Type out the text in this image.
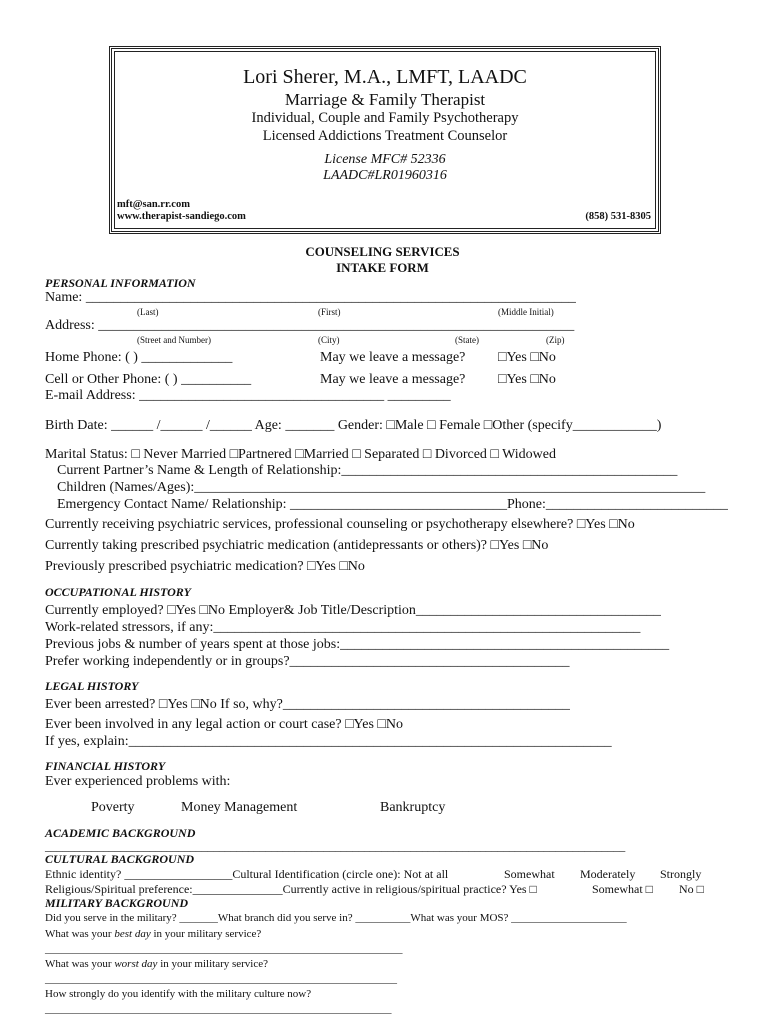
Lori Sherer, M.A., LMFT, LAADC
Marriage & Family Therapist
Individual, Couple and Family Psychotherapy
Licensed Addictions Treatment Counselor
License MFC# 52336
LAADC#LR01960316
mft@san.rr.com
www.therapist-sandiego.com	(858) 531-8305
COUNSELING SERVICES
INTAKE FORM
PERSONAL INFORMATION
Name: ______________________________________________________________________
(Last)	(First)	(Middle Initial)
Address: ____________________________________________________________________
(Street and Number)	(City)	(State)	(Zip)
Home Phone: ( ) _____________	May we leave a message? □Yes □No
Cell or Other Phone: ( ) __________	May we leave a message? □Yes □No
E-mail Address: ___________________________________ _________
Birth Date: ______ /______ /______ Age: _______ Gender: □Male □ Female □Other (specify____________)
Marital Status: □ Never Married □Partnered □Married □ Separated □ Divorced □ Widowed
Current Partner’s Name & Length of Relationship:________________________________________________
Children (Names/Ages):_________________________________________________________________________
Emergency Contact Name/ Relationship: _______________________________Phone:__________________________
Currently receiving psychiatric services, professional counseling or psychotherapy elsewhere? □Yes □No
Currently taking prescribed psychiatric medication (antidepressants or others)? □Yes □No
Previously prescribed psychiatric medication? □Yes □No
OCCUPATIONAL HISTORY
Currently employed? □Yes □No Employer& Job Title/Description___________________________________
Work-related stressors, if any:_____________________________________________________________
Previous jobs & number of years spent at those jobs:_______________________________________________
Prefer working independently or in groups?________________________________________
LEGAL HISTORY
Ever been arrested? □Yes □No If so, why?_________________________________________
Ever been involved in any legal action or court case? □Yes □No
If yes, explain:_____________________________________________________________________
FINANCIAL HISTORY
Ever experienced problems with:
Poverty	Money Management	Bankruptcy
ACADEMIC BACKGROUND
____________________________________________________________________________________________________
CULTURAL BACKGROUND
Ethnic identity? __________________Cultural Identification (circle one): Not at all	Somewhat Moderately Strongly
Religious/Spiritual preference:_______________Currently active in religious/spiritual practice? Yes □	Somewhat □ No □
MILITARY BACKGROUND
Did you serve in the military? _______What branch did you serve in? __________What was your MOS? _____________________
What was your best day in your military service?
_________________________________________________________________
What was your worst day in your military service?
________________________________________________________________
How strongly do you identify with the military culture now?
_______________________________________________________________
